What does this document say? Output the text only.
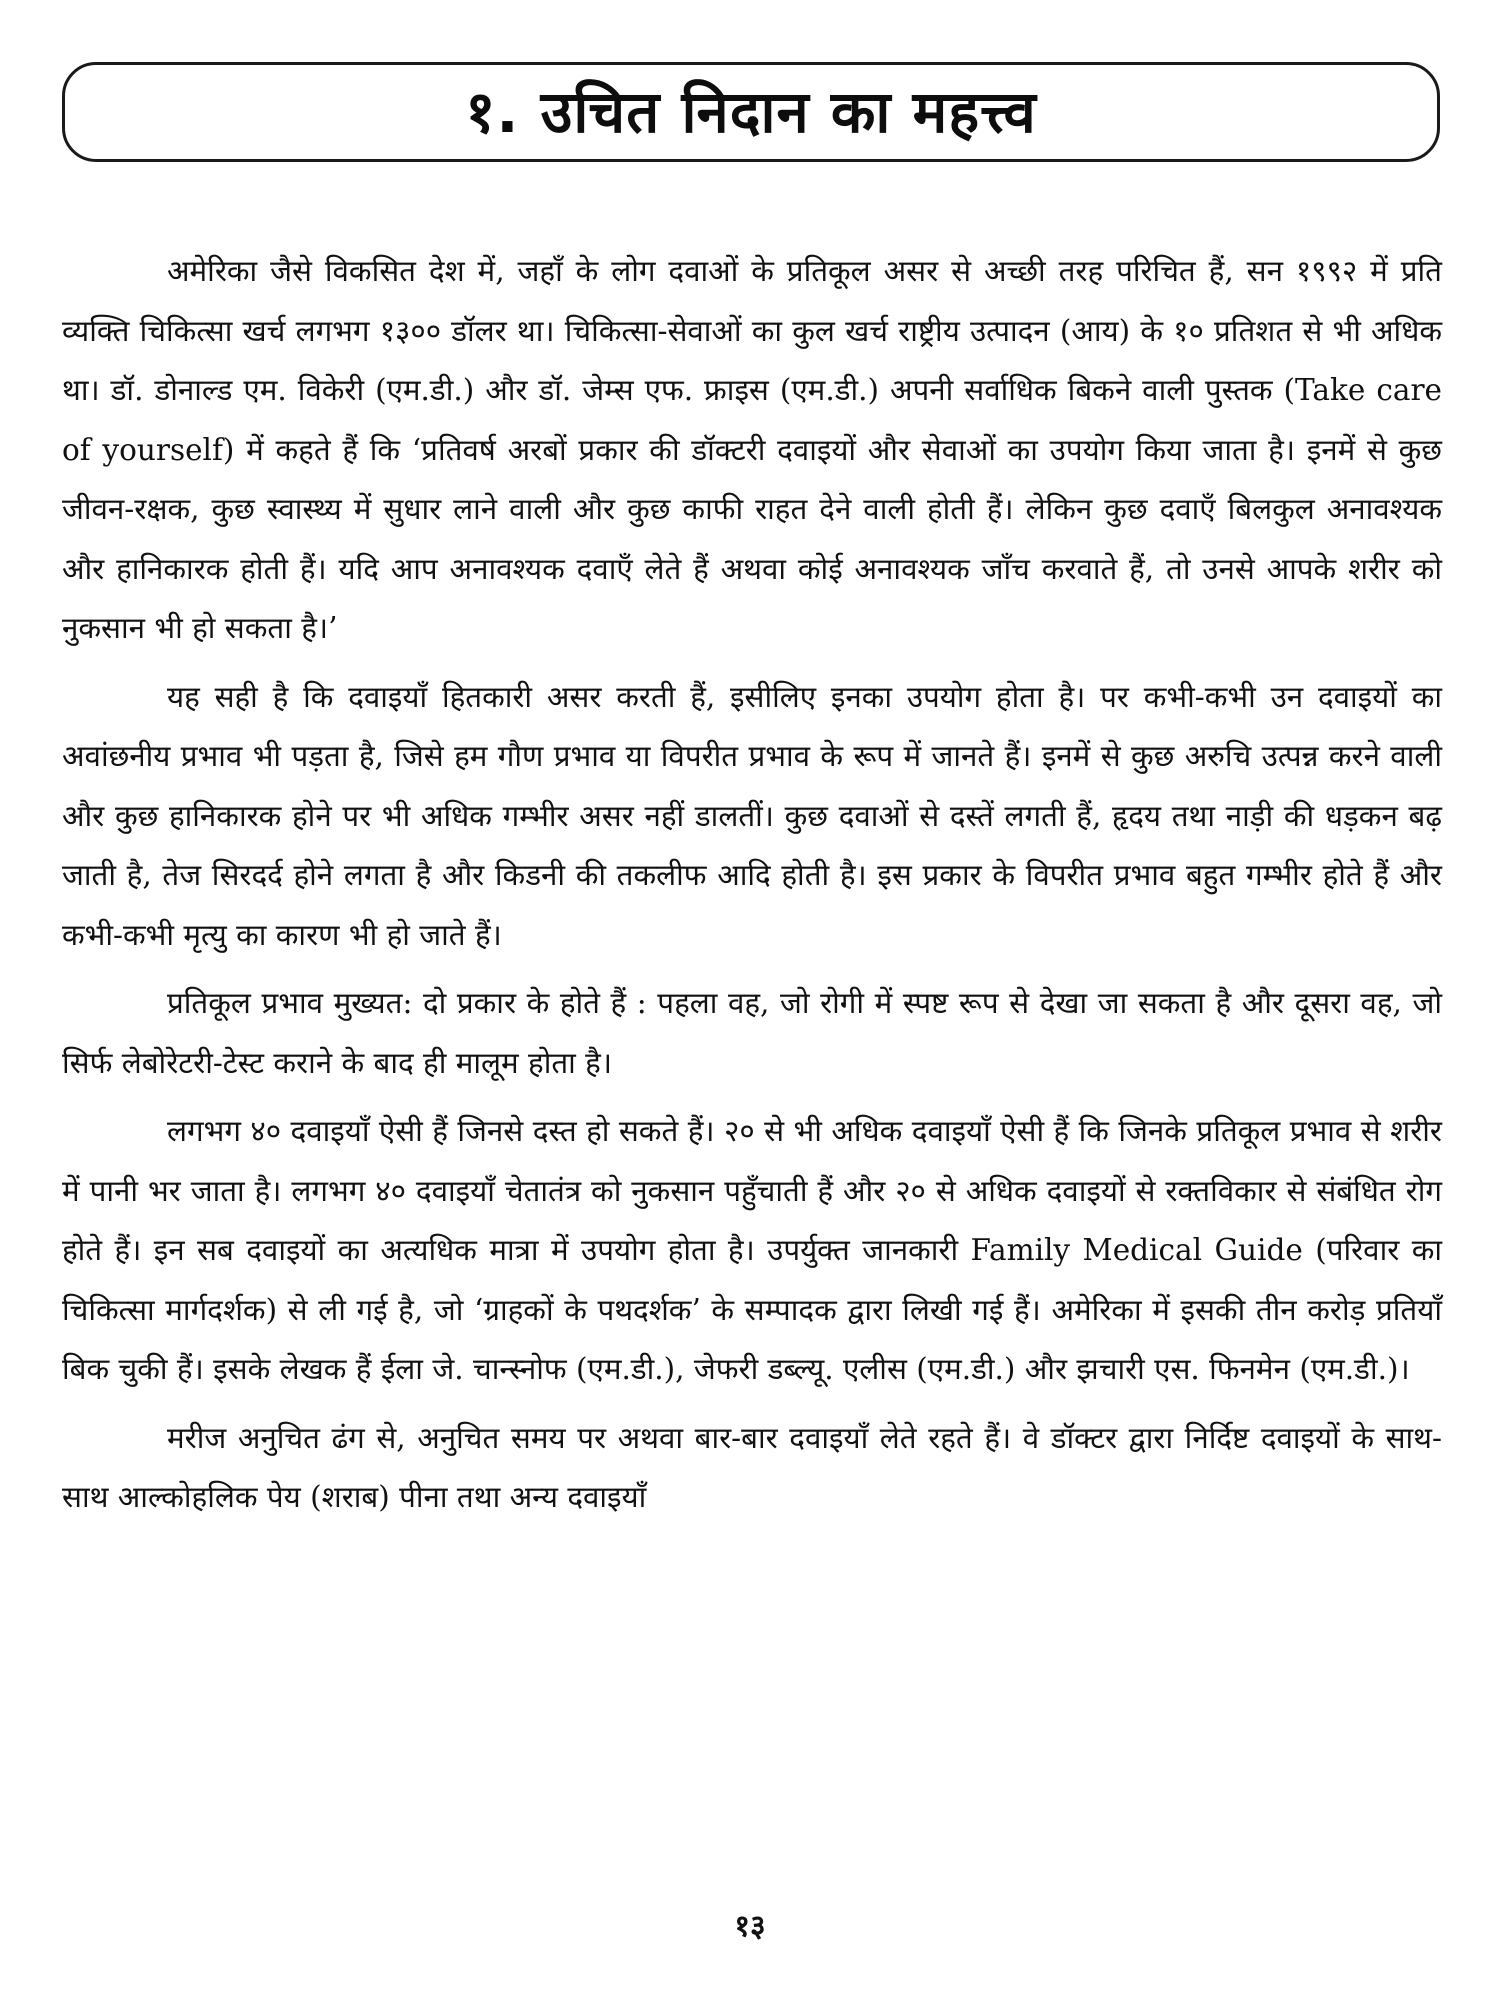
१. उचित निदान का महत्त्व

अमेरिका जैसे विकसित देश में, जहाँ के लोग दवाओं के प्रतिकूल असर से अच्छी तरह परिचित हैं, सन १९९२ में प्रति व्यक्ति चिकित्सा खर्च लगभग १३०० डॉलर था। चिकित्सा-सेवाओं का कुल खर्च राष्ट्रीय उत्पादन (आय) के १० प्रतिशत से भी अधिक था। डॉ. डोनाल्ड एम. विकेरी (एम.डी.) और डॉ. जेम्स एफ. फ्राइस (एम.डी.) अपनी सर्वाधिक बिकने वाली पुस्तक (Take care of yourself) में कहते हैं कि ‘प्रतिवर्ष अरबों प्रकार की डॉक्टरी दवाइयों और सेवाओं का उपयोग किया जाता है। इनमें से कुछ जीवन-रक्षक, कुछ स्वास्थ्य में सुधार लाने वाली और कुछ काफी राहत देने वाली होती हैं। लेकिन कुछ दवाएँ बिलकुल अनावश्यक और हानिकारक होती हैं। यदि आप अनावश्यक दवाएँ लेते हैं अथवा कोई अनावश्यक जाँच करवाते हैं, तो उनसे आपके शरीर को नुकसान भी हो सकता है।’

यह सही है कि दवाइयाँ हितकारी असर करती हैं, इसीलिए इनका उपयोग होता है। पर कभी-कभी उन दवाइयों का अवांछनीय प्रभाव भी पड़ता है, जिसे हम गौण प्रभाव या विपरीत प्रभाव के रूप में जानते हैं। इनमें से कुछ अरुचि उत्पन्न करने वाली और कुछ हानिकारक होने पर भी अधिक गम्भीर असर नहीं डालतीं। कुछ दवाओं से दस्तें लगती हैं, हृदय तथा नाड़ी की धड़कन बढ़ जाती है, तेज सिरदर्द होने लगता है और किडनी की तकलीफ आदि होती है। इस प्रकार के विपरीत प्रभाव बहुत गम्भीर होते हैं और कभी-कभी मृत्यु का कारण भी हो जाते हैं।

प्रतिकूल प्रभाव मुख्यत: दो प्रकार के होते हैं : पहला वह, जो रोगी में स्पष्ट रूप से देखा जा सकता है और दूसरा वह, जो सिर्फ लेबोरेटरी-टेस्ट कराने के बाद ही मालूम होता है।

लगभग ४० दवाइयाँ ऐसी हैं जिनसे दस्त हो सकते हैं। २० से भी अधिक दवाइयाँ ऐसी हैं कि जिनके प्रतिकूल प्रभाव से शरीर में पानी भर जाता है। लगभग ४० दवाइयाँ चेतातंत्र को नुकसान पहुँचाती हैं और २० से अधिक दवाइयों से रक्तविकार से संबंधित रोग होते हैं। इन सब दवाइयों का अत्यधिक मात्रा में उपयोग होता है। उपर्युक्त जानकारी Family Medical Guide (परिवार का चिकित्सा मार्गदर्शक) से ली गई है, जो ‘ग्राहकों के पथदर्शक’ के सम्पादक द्वारा लिखी गई हैं। अमेरिका में इसकी तीन करोड़ प्रतियाँ बिक चुकी हैं। इसके लेखक हैं ईला जे. चान्स्नोफ (एम.डी.), जेफरी डब्ल्यू. एलीस (एम.डी.) और झचारी एस. फिनमेन (एम.डी.)।

मरीज अनुचित ढंग से, अनुचित समय पर अथवा बार-बार दवाइयाँ लेते रहते हैं। वे डॉक्टर द्वारा निर्दिष्ट दवाइयों के साथ-साथ आल्कोहलिक पेय (शराब) पीना तथा अन्य दवाइयाँ

१३
